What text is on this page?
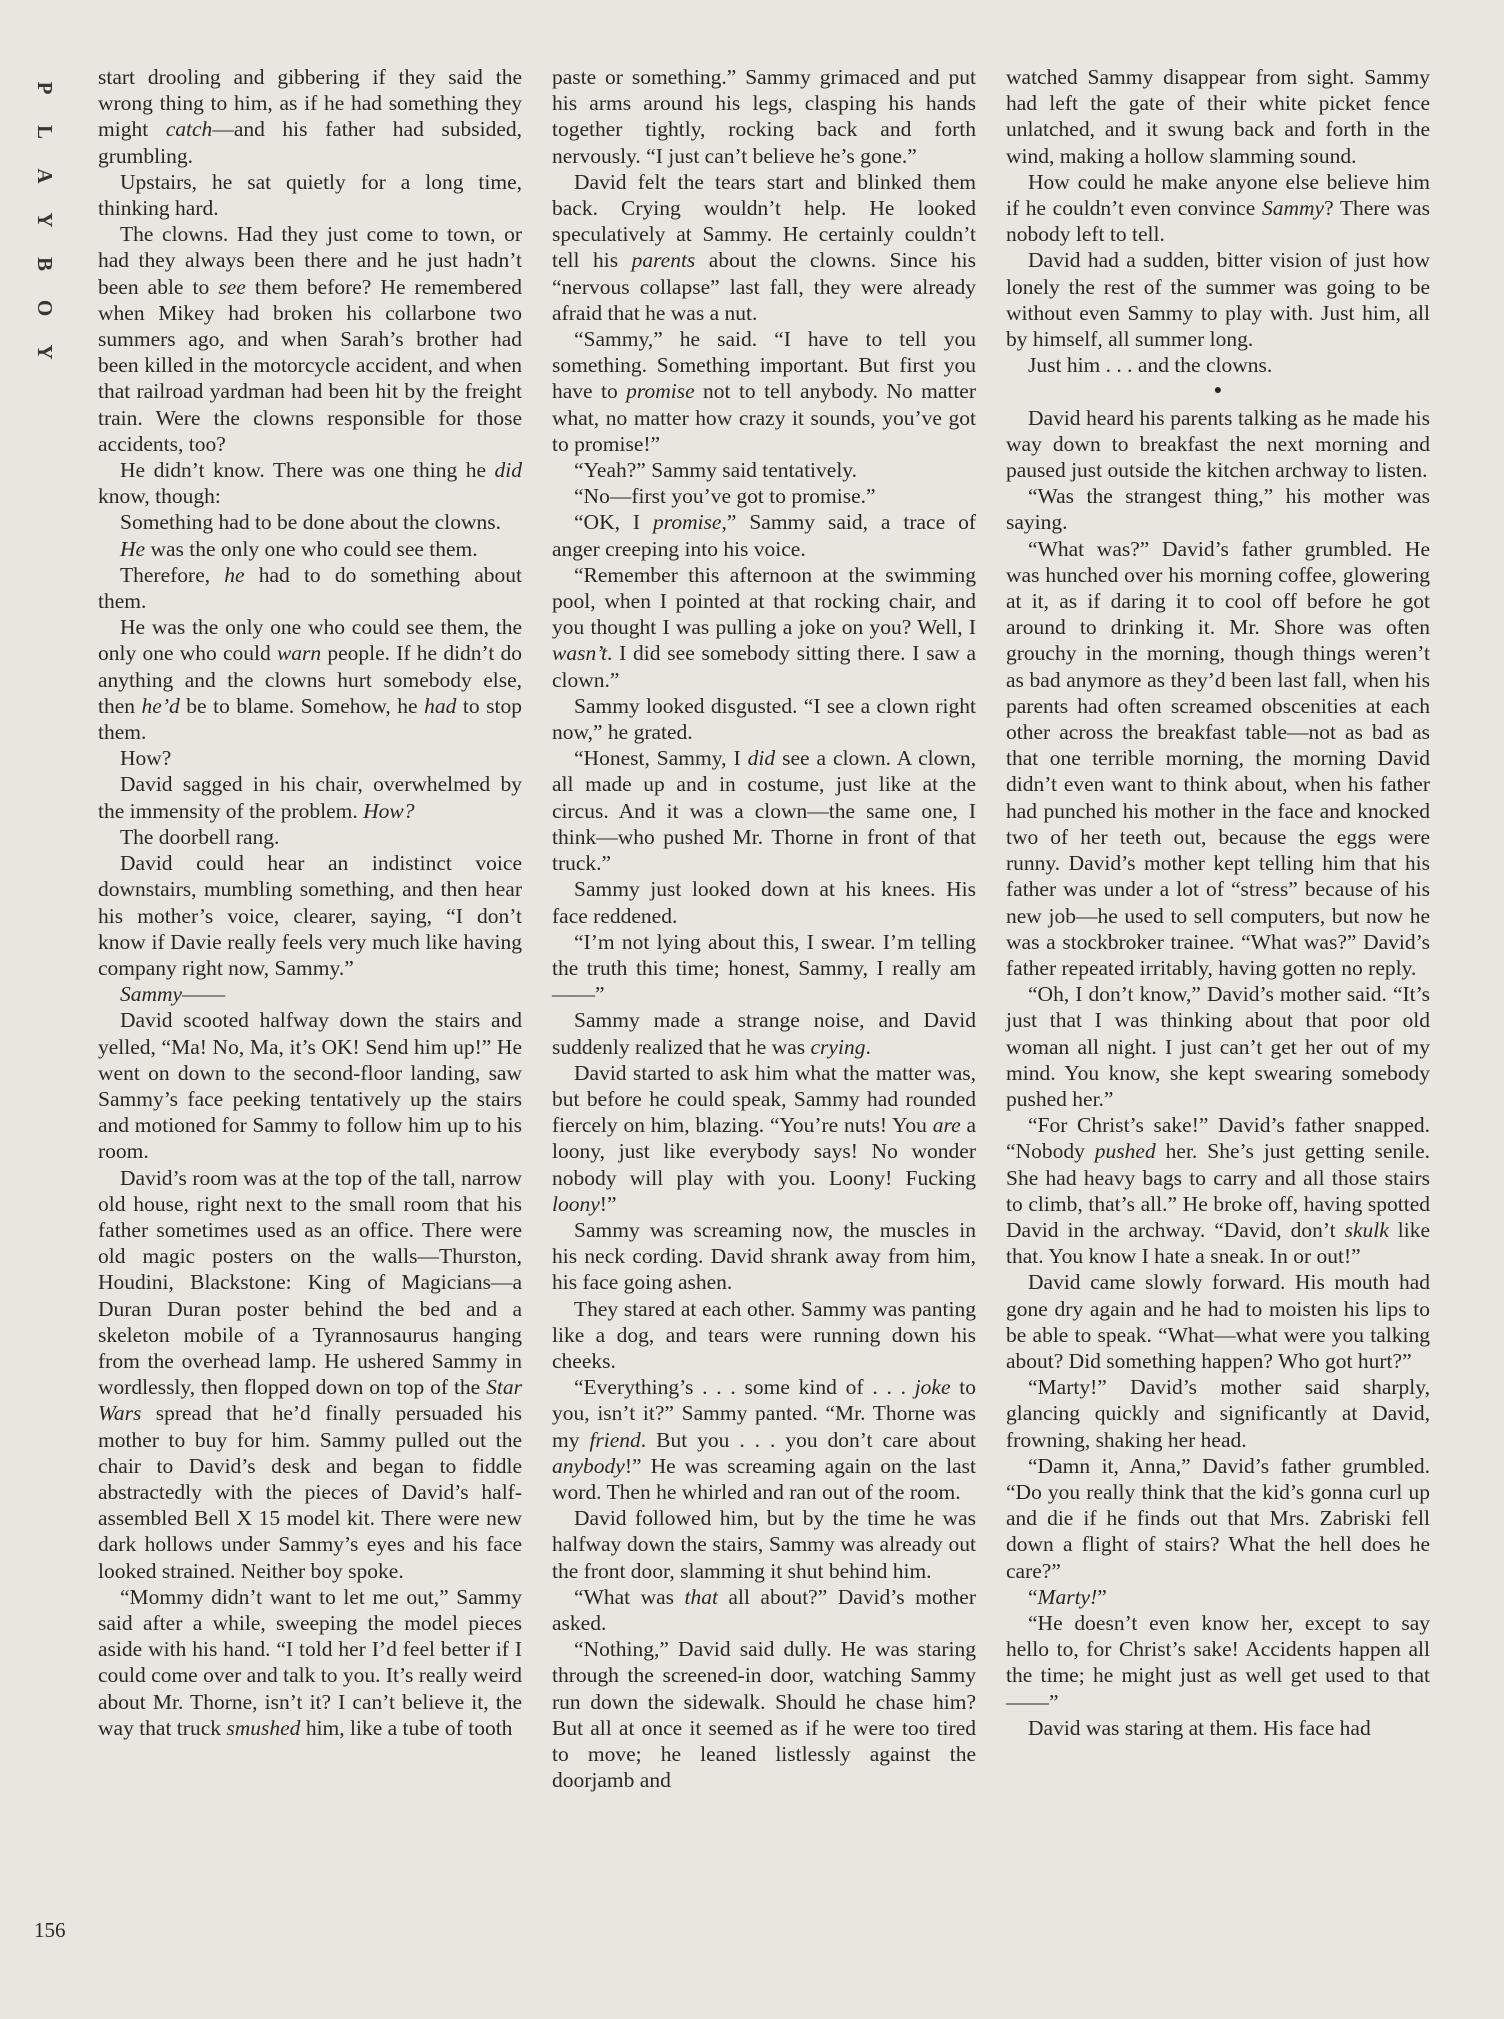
P
L
A
Y
B
O
Y
156

start drooling and gibbering if they said the wrong thing to him, as if he had something they might catch—and his father had subsided, grumbling.

Upstairs, he sat quietly for a long time, thinking hard.

The clowns. Had they just come to town, or had they always been there and he just hadn’t been able to see them before? He remembered when Mikey had broken his collarbone two summers ago, and when Sarah’s brother had been killed in the motorcycle accident, and when that railroad yardman had been hit by the freight train. Were the clowns responsible for those accidents, too?

He didn’t know. There was one thing he did know, though:

Something had to be done about the clowns.

He was the only one who could see them.

Therefore, he had to do something about them.

He was the only one who could see them, the only one who could warn people. If he didn’t do anything and the clowns hurt somebody else, then he’d be to blame. Somehow, he had to stop them.

How?

David sagged in his chair, overwhelmed by the immensity of the problem. How?

The doorbell rang.

David could hear an indistinct voice downstairs, mumbling something, and then hear his mother’s voice, clearer, saying, “I don’t know if Davie really feels very much like having company right now, Sammy.”

Sammy——

David scooted halfway down the stairs and yelled, “Ma! No, Ma, it’s OK! Send him up!” He went on down to the second-floor landing, saw Sammy’s face peeking tentatively up the stairs and motioned for Sammy to follow him up to his room.

David’s room was at the top of the tall, narrow old house, right next to the small room that his father sometimes used as an office. There were old magic posters on the walls—Thurston, Houdini, Blackstone: King of Magicians—a Duran Duran poster behind the bed and a skeleton mobile of a Tyrannosaurus hanging from the overhead lamp. He ushered Sammy in wordlessly, then flopped down on top of the Star Wars spread that he’d finally persuaded his mother to buy for him. Sammy pulled out the chair to David’s desk and began to fiddle abstractedly with the pieces of David’s half-assembled Bell X 15 model kit. There were new dark hollows under Sammy’s eyes and his face looked strained. Neither boy spoke.

“Mommy didn’t want to let me out,” Sammy said after a while, sweeping the model pieces aside with his hand. “I told her I’d feel better if I could come over and talk to you. It’s really weird about Mr. Thorne, isn’t it? I can’t believe it, the way that truck smushed him, like a tube of tooth

paste or something.” Sammy grimaced and put his arms around his legs, clasping his hands together tightly, rocking back and forth nervously. “I just can’t believe he’s gone.”

David felt the tears start and blinked them back. Crying wouldn’t help. He looked speculatively at Sammy. He certainly couldn’t tell his parents about the clowns. Since his “nervous collapse” last fall, they were already afraid that he was a nut.

“Sammy,” he said. “I have to tell you something. Something important. But first you have to promise not to tell anybody. No matter what, no matter how crazy it sounds, you’ve got to promise!”

“Yeah?” Sammy said tentatively.

“No—first you’ve got to promise.”

“OK, I promise,” Sammy said, a trace of anger creeping into his voice.

“Remember this afternoon at the swimming pool, when I pointed at that rocking chair, and you thought I was pulling a joke on you? Well, I wasn’t. I did see somebody sitting there. I saw a clown.”

Sammy looked disgusted. “I see a clown right now,” he grated.

“Honest, Sammy, I did see a clown. A clown, all made up and in costume, just like at the circus. And it was a clown—the same one, I think—who pushed Mr. Thorne in front of that truck.”

Sammy just looked down at his knees. His face reddened.

“I’m not lying about this, I swear. I’m telling the truth this time; honest, Sammy, I really am——”

Sammy made a strange noise, and David suddenly realized that he was crying.

David started to ask him what the matter was, but before he could speak, Sammy had rounded fiercely on him, blazing. “You’re nuts! You are a loony, just like everybody says! No wonder nobody will play with you. Loony! Fucking loony!”

Sammy was screaming now, the muscles in his neck cording. David shrank away from him, his face going ashen.

They stared at each other. Sammy was panting like a dog, and tears were running down his cheeks.

“Everything’s . . . some kind of . . . joke to you, isn’t it?” Sammy panted. “Mr. Thorne was my friend. But you . . . you don’t care about anybody!” He was screaming again on the last word. Then he whirled and ran out of the room.

David followed him, but by the time he was halfway down the stairs, Sammy was already out the front door, slamming it shut behind him.

“What was that all about?” David’s mother asked.

“Nothing,” David said dully. He was staring through the screened-in door, watching Sammy run down the sidewalk. Should he chase him? But all at once it seemed as if he were too tired to move; he leaned listlessly against the doorjamb and

watched Sammy disappear from sight. Sammy had left the gate of their white picket fence unlatched, and it swung back and forth in the wind, making a hollow slamming sound.

How could he make anyone else believe him if he couldn’t even convince Sammy? There was nobody left to tell.

David had a sudden, bitter vision of just how lonely the rest of the summer was going to be without even Sammy to play with. Just him, all by himself, all summer long.

Just him . . . and the clowns.

●

David heard his parents talking as he made his way down to breakfast the next morning and paused just outside the kitchen archway to listen.

“Was the strangest thing,” his mother was saying.

“What was?” David’s father grumbled. He was hunched over his morning coffee, glowering at it, as if daring it to cool off before he got around to drinking it. Mr. Shore was often grouchy in the morning, though things weren’t as bad anymore as they’d been last fall, when his parents had often screamed obscenities at each other across the breakfast table—not as bad as that one terrible morning, the morning David didn’t even want to think about, when his father had punched his mother in the face and knocked two of her teeth out, because the eggs were runny. David’s mother kept telling him that his father was under a lot of “stress” because of his new job—he used to sell computers, but now he was a stockbroker trainee. “What was?” David’s father repeated irritably, having gotten no reply.

“Oh, I don’t know,” David’s mother said. “It’s just that I was thinking about that poor old woman all night. I just can’t get her out of my mind. You know, she kept swearing somebody pushed her.”

“For Christ’s sake!” David’s father snapped. “Nobody pushed her. She’s just getting senile. She had heavy bags to carry and all those stairs to climb, that’s all.” He broke off, having spotted David in the archway. “David, don’t skulk like that. You know I hate a sneak. In or out!”

David came slowly forward. His mouth had gone dry again and he had to moisten his lips to be able to speak. “What—what were you talking about? Did something happen? Who got hurt?”

“Marty!” David’s mother said sharply, glancing quickly and significantly at David, frowning, shaking her head.

“Damn it, Anna,” David’s father grumbled. “Do you really think that the kid’s gonna curl up and die if he finds out that Mrs. Zabriski fell down a flight of stairs? What the hell does he care?”

“Marty!”

“He doesn’t even know her, except to say hello to, for Christ’s sake! Accidents happen all the time; he might just as well get used to that——”

David was staring at them. His face had
